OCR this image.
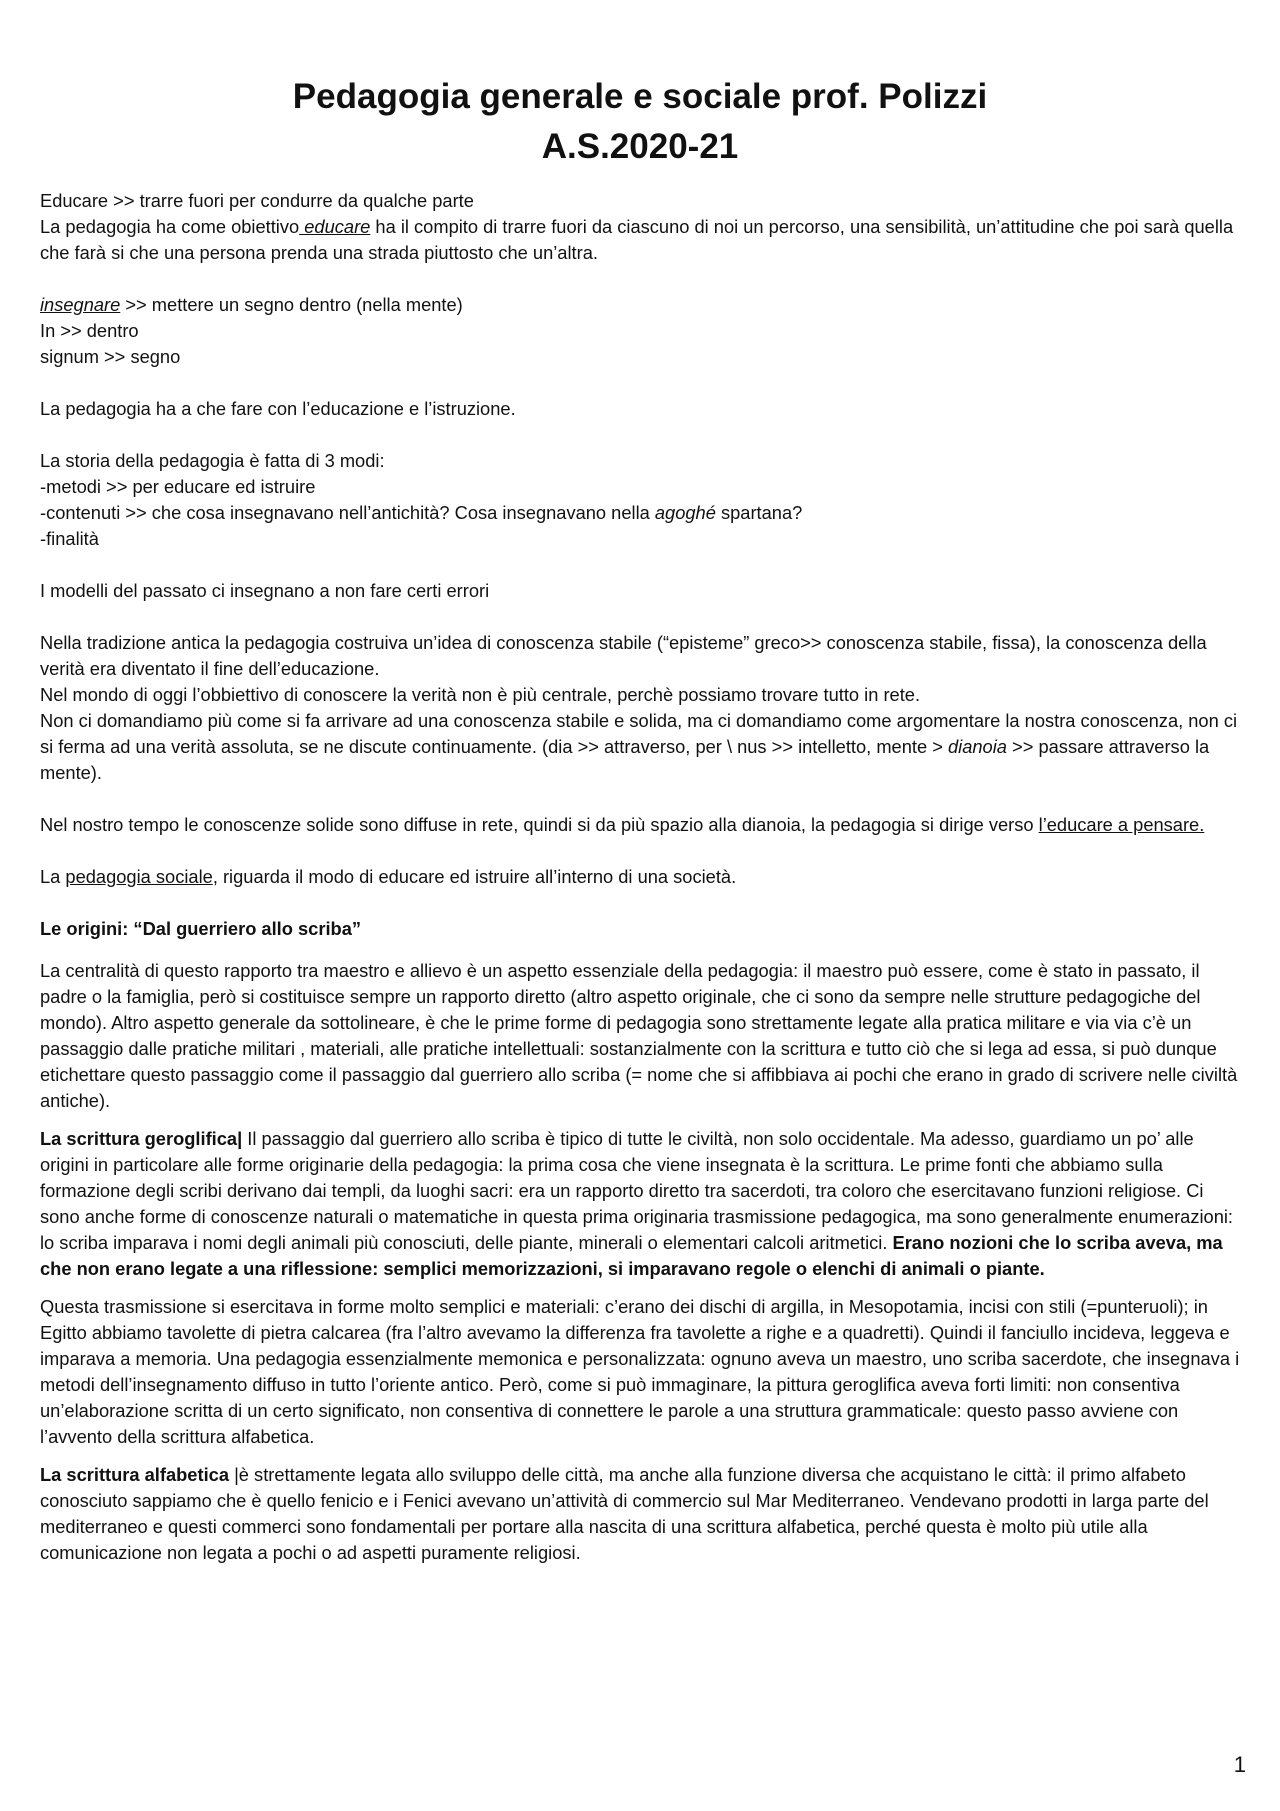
Pedagogia generale e sociale prof. Polizzi
A.S.2020-21

Educare >> trarre fuori per condurre da qualche parte

La pedagogia ha come obiettivo educare ha il compito di trarre fuori da ciascuno di noi un percorso, una sensibilità, un’attitudine che poi sarà quella che farà si che una persona prenda una strada piuttosto che un’altra.

insegnare >> mettere un segno dentro (nella mente)

In >> dentro

signum >> segno

La pedagogia ha a che fare con l’educazione e l’istruzione.

La storia della pedagogia è fatta di 3 modi:

-metodi >> per educare ed istruire

-contenuti >> che cosa insegnavano nell’antichità? Cosa insegnavano nella agoghé spartana?

-finalità

I modelli del passato ci insegnano a non fare certi errori

Nella tradizione antica la pedagogia costruiva un’idea di conoscenza stabile (“episteme” greco>> conoscenza stabile, fissa), la conoscenza della verità era diventato il fine dell’educazione.

Nel mondo di oggi l’obbiettivo di conoscere la verità non è più centrale, perchè possiamo trovare tutto in rete.

Non ci domandiamo più come si fa arrivare ad una conoscenza stabile e solida, ma ci domandiamo come argomentare la nostra conoscenza, non ci si ferma ad una verità assoluta, se ne discute continuamente. (dia >> attraverso, per \ nus >> intelletto, mente > dianoia >> passare attraverso la mente).

Nel nostro tempo le conoscenze solide sono diffuse in rete, quindi si da più spazio alla dianoia, la pedagogia si dirige verso l’educare a pensare.

La pedagogia sociale, riguarda il modo di educare ed istruire all’interno di una società.

Le origini: “Dal guerriero allo scriba”

La centralità di questo rapporto tra maestro e allievo è un aspetto essenziale della pedagogia: il maestro può essere, come è stato in passato, il padre o la famiglia, però si costituisce sempre un rapporto diretto (altro aspetto originale, che ci sono da sempre nelle strutture pedagogiche del mondo). Altro aspetto generale da sottolineare, è che le prime forme di pedagogia sono strettamente legate alla pratica militare e via via c’è un passaggio dalle pratiche militari , materiali, alle pratiche intellettuali: sostanzialmente con la scrittura e tutto ciò che si lega ad essa, si può dunque etichettare questo passaggio come il passaggio dal guerriero allo scriba (= nome che si affibbiava ai pochi che erano in grado di scrivere nelle civiltà antiche).

La scrittura geroglifica| Il passaggio dal guerriero allo scriba è tipico di tutte le civiltà, non solo occidentale. Ma adesso, guardiamo un po’ alle origini in particolare alle forme originarie della pedagogia: la prima cosa che viene insegnata è la scrittura. Le prime fonti che abbiamo sulla formazione degli scribi derivano dai templi, da luoghi sacri: era un rapporto diretto tra sacerdoti, tra coloro che esercitavano funzioni religiose. Ci sono anche forme di conoscenze naturali o matematiche in questa prima originaria trasmissione pedagogica, ma sono generalmente enumerazioni: lo scriba imparava i nomi degli animali più conosciuti, delle piante, minerali o elementari calcoli aritmetici. Erano nozioni che lo scriba aveva, ma che non erano legate a una riflessione: semplici memorizzazioni, si imparavano regole o elenchi di animali o piante.

Questa trasmissione si esercitava in forme molto semplici e materiali: c’erano dei dischi di argilla, in Mesopotamia, incisi con stili (=punteruoli); in Egitto abbiamo tavolette di pietra calcarea (fra l’altro avevamo la differenza fra tavolette a righe e a quadretti). Quindi il fanciullo incideva, leggeva e imparava a memoria. Una pedagogia essenzialmente memonica e personalizzata: ognuno aveva un maestro, uno scriba sacerdote, che insegnava i metodi dell’insegnamento diffuso in tutto l’oriente antico. Però, come si può immaginare, la pittura geroglifica aveva forti limiti: non consentiva un’elaborazione scritta di un certo significato, non consentiva di connettere le parole a una struttura grammaticale: questo passo avviene con l’avvento della scrittura alfabetica.

La scrittura alfabetica |è strettamente legata allo sviluppo delle città, ma anche alla funzione diversa che acquistano le città: il primo alfabeto conosciuto sappiamo che è quello fenicio e i Fenici avevano un’attività di commercio sul Mar Mediterraneo. Vendevano prodotti in larga parte del mediterraneo e questi commerci sono fondamentali per portare alla nascita di una scrittura alfabetica, perché questa è molto più utile alla comunicazione non legata a pochi o ad aspetti puramente religiosi.

1
